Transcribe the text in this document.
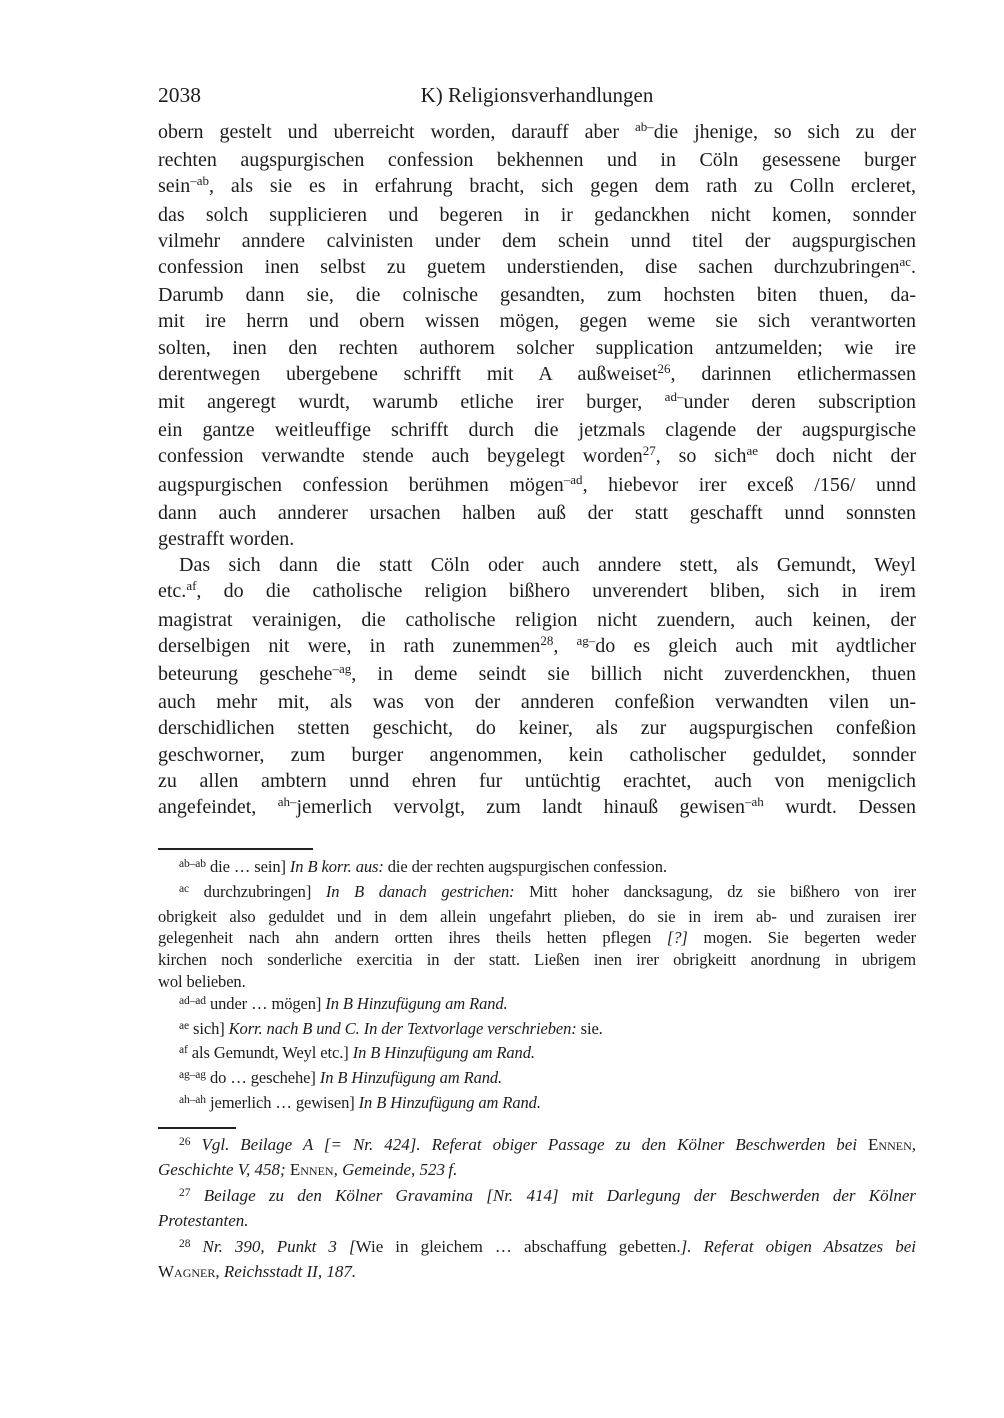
2038	K) Religionsverhandlungen
obern gestelt und uberreicht worden, darauff aber $^{ab-}$die jhenige, so sich zu der
rechten augspurgischen confession bekhennen und in Cöln gesessene burger
sein$^{-ab}$, als sie es in erfahrung bracht, sich gegen dem rath zu Colln ercleret,
das solch supplicieren und begeren in ir gedanckhen nicht komen, sonnder
vilmehr anndere calvinisten under dem schein unnd titel der augspurgischen
confession inen selbst zu guetem understienden, dise sachen durchzubringen$^{ac}$.
Darumb dann sie, die colnische gesandten, zum hochsten biten thuen, da-
mit ire herrn und obern wissen mögen, gegen weme sie sich verantworten
solten, inen den rechten authorem solcher supplication antzumelden; wie ire
derentwegen ubergebene schrifft mit A außweiset$^{26}$, darinnen etlichermassen
mit angeregt wurdt, warumb etliche irer burger, $^{ad-}$under deren subscription
ein gantze weitleuffige schrifft durch die jetzmals clagende der augspurgische
confession verwandte stende auch beygelegt worden$^{27}$, so sich$^{ae}$ doch nicht der
augspurgischen confession berühmen mögen$^{-ad}$, hiebevor irer exceß /156/ unnd
dann auch annderer ursachen halben auß der statt geschafft unnd sonnsten
gestrafft worden.
Das sich dann die statt Cöln oder auch anndere stett, als Gemundt, Weyl
etc.$^{af}$, do die catholische religion bißhero unverendert bliben, sich in irem
magistrat verainigen, die catholische religion nicht zuendern, auch keinen, der
derselbigen nit were, in rath zunemmen$^{28}$, $^{ag-}$do es gleich auch mit aydtlicher
beteurung geschehe$^{-ag}$, in deme seindt sie billich nicht zuverdenckhen, thuen
auch mehr mit, als was von der annderen confeßion verwandten vilen un-
derschidlichen stetten geschicht, do keiner, als zur augspurgischen confeßion
geschworner, zum burger angenommen, kein catholischer geduldet, sonnder
zu allen ambtern unnd ehren fur untüchtig erachtet, auch von menigclich
angefeindet, $^{ah-}$jemerlich vervolgt, zum landt hinauß gewisen$^{-ah}$ wurdt. Dessen
$^{ab-ab}$ die … sein] In B korr. aus: die der rechten augspurgischen confession.
$^{ac}$ durchzubringen] In B danach gestrichen: Mitt hoher dancksagung, dz sie bißhero von irer
obrigkeit also geduldet und in dem allein ungefahrt plieben, do sie in irem ab- und zuraisen irer
gelegenheit nach ahn andern ortten ihres theils hetten pflegen [?] mogen. Sie begerten weder
kirchen noch sonderliche exercitia in der statt. Ließen inen irer obrigkeitt anordnung in ubrigem
wol belieben.
$^{ad-ad}$ under … mögen] In B Hinzufügung am Rand.
$^{ae}$ sich] Korr. nach B und C. In der Textvorlage verschrieben: sie.
$^{af}$ als Gemundt, Weyl etc.] In B Hinzufügung am Rand.
$^{ag-ag}$ do … geschehe] In B Hinzufügung am Rand.
$^{ah-ah}$ jemerlich … gewisen] In B Hinzufügung am Rand.
$^{26}$ Vgl. Beilage A [= Nr. 424]. Referat obiger Passage zu den Kölner Beschwerden bei Ennen,
Geschichte V, 458; Ennen, Gemeinde, 523 f.
$^{27}$ Beilage zu den Kölner Gravamina [Nr. 414] mit Darlegung der Beschwerden der Kölner
Protestanten.
$^{28}$ Nr. 390, Punkt 3 [Wie in gleichem … abschaffung gebetten.]. Referat obigen Absatzes bei
Wagner, Reichsstadt II, 187.
